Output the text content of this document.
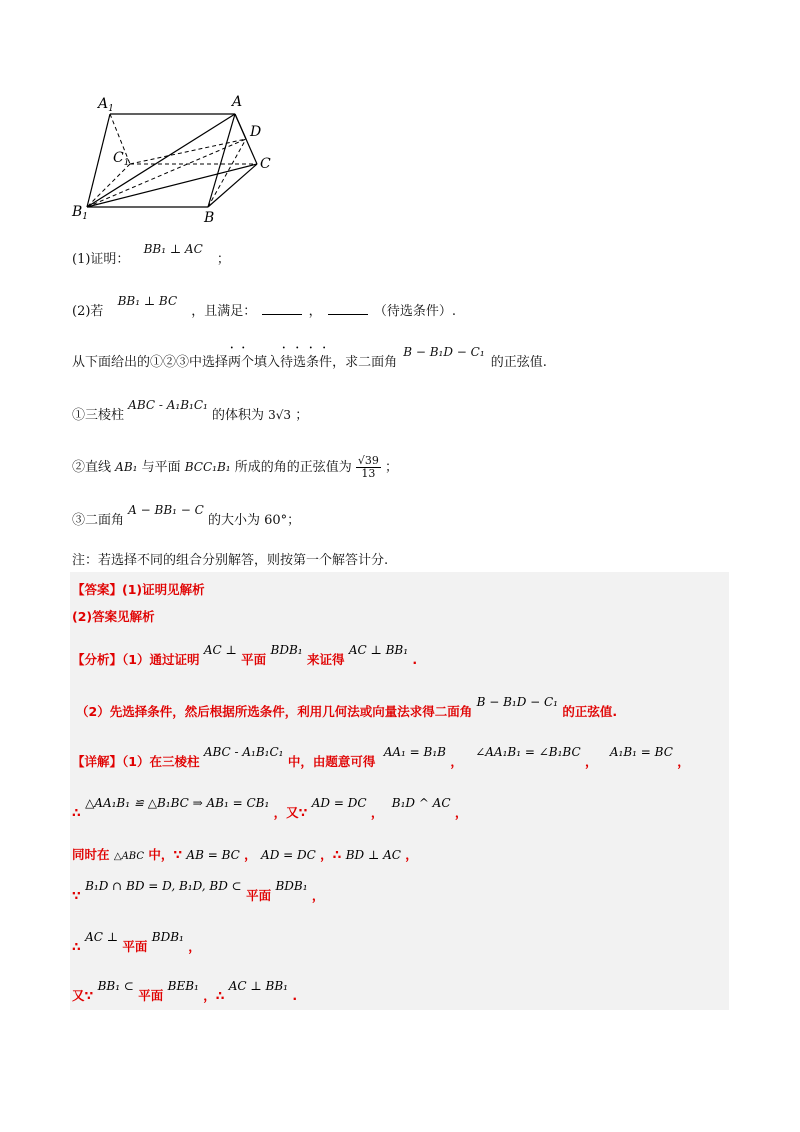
$A_1$	A
D
$C_1$	C
$B_1$	B
(1)证明： BB₁ ⊥ AC ；
(2)若 BB₁ ⊥ BC ，且满足：	，	（待选条件）.
从下面给出的①②③中选择• • 两个填入• • • • 待选条件，求二面角 B − B₁D − C₁ 的正弦值.
①三棱柱 ABC - A₁B₁C₁ 的体积为 3√3 ；
②直线 AB₁ 与平面 BCC₁B₁ 所成的角的正弦值为 $\frac{√39}{13}$ ；
③二面角 A − BB₁ − C 的大小为 60°；
注：若选择不同的组合分别解答，则按第一个解答计分.
【答案】(1)证明见解析
(2)答案见解析
【分析】（1）通过证明 AC ⊥ 平面 BDB₁ 来证得 AC ⊥ BB₁ .
（2）先选择条件，然后根据所选条件，利用几何法或向量法求得二面角 B − B₁D − C₁ 的正弦值.
【详解】（1）在三棱柱 ABC - A₁B₁C₁ 中，由题意可得 AA₁ = B₁B ， ∠AA₁B₁ = ∠B₁BC ， A₁B₁ = BC ，
∴ △AA₁B₁ ≌ △B₁BC ⇒ AB₁ = CB₁ ，又∵ AD = DC ， B₁D ^ AC ，
同时在 △ABC 中，∵ AB = BC ， AD = DC ，∴ BD ⊥ AC ，
∵ B₁D ∩ BD = D, B₁D, BD ⊂ 平面 BDB₁ ，
∴ AC ⊥ 平面 BDB₁ ，
又∵ BB₁ ⊂ 平面 BEB₁ ，∴ AC ⊥ BB₁ .
